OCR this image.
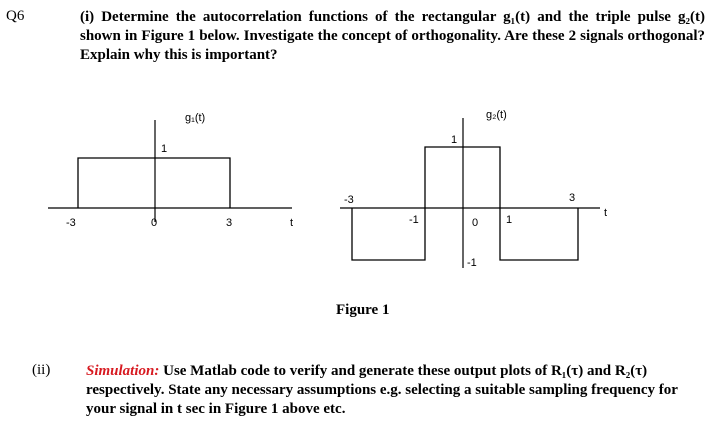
Q6	(i) Determine the autocorrelation functions of the rectangular g₁(t) and the triple pulse g₂(t) shown in Figure 1 below. Investigate the concept of orthogonality. Are these 2 signals orthogonal? Explain why this is important?
g₁(t)
1
-3	0	3	t
g₂(t)
1
-1
-3
-1	0	1
3
t
Figure 1
(ii) Simulation: Use Matlab code to verify and generate these output plots of R₁(τ) and R₂(τ) respectively. State any necessary assumptions e.g. selecting a suitable sampling frequency for your signal in t sec in Figure 1 above etc.
